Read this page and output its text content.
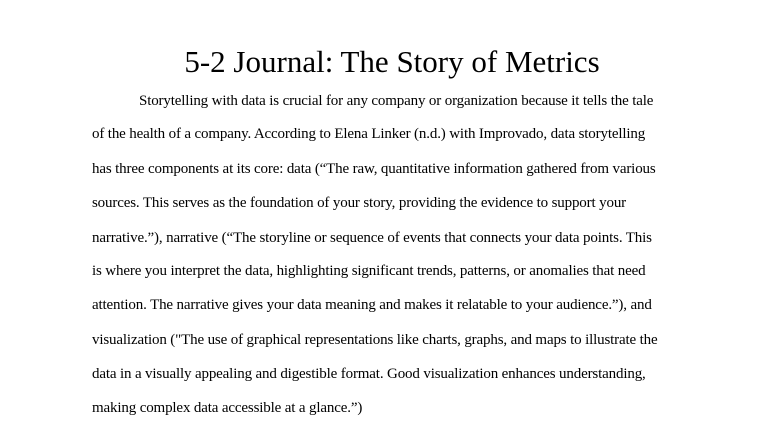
5-2 Journal: The Story of Metrics
Storytelling with data is crucial for any company or organization because it tells the tale
of the health of a company. According to Elena Linker (n.d.) with Improvado, data storytelling
has three components at its core: data (“The raw, quantitative information gathered from various
sources. This serves as the foundation of your story, providing the evidence to support your
narrative.”), narrative (“The storyline or sequence of events that connects your data points. This
is where you interpret the data, highlighting significant trends, patterns, or anomalies that need
attention. The narrative gives your data meaning and makes it relatable to your audience.”), and
visualization ("The use of graphical representations like charts, graphs, and maps to illustrate the
data in a visually appealing and digestible format. Good visualization enhances understanding,
making complex data accessible at a glance.”)
